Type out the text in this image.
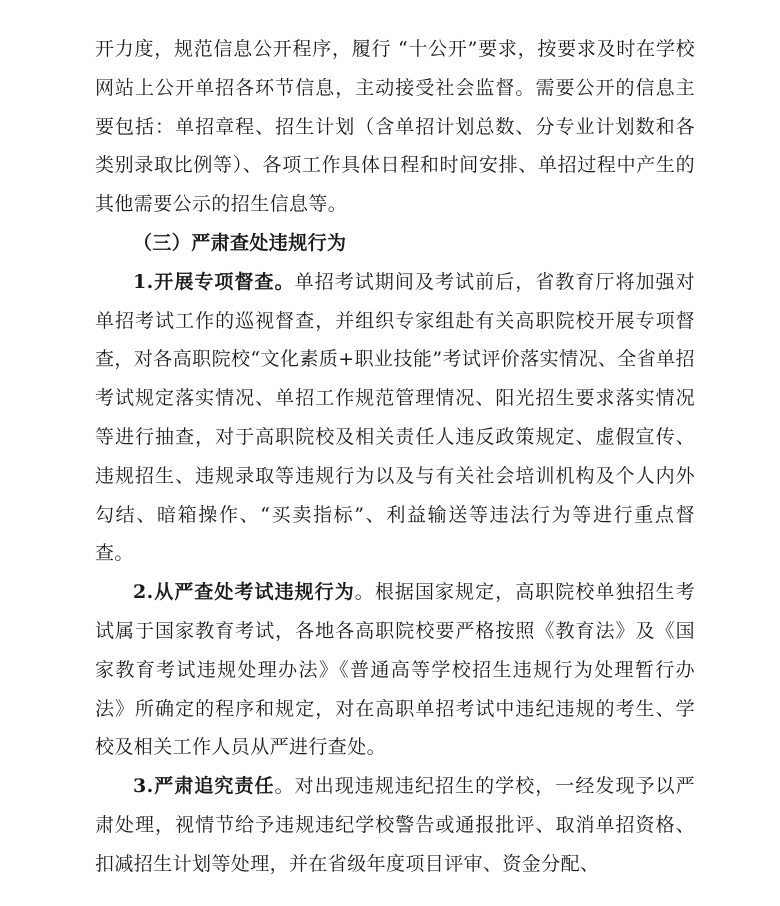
开力度，规范信息公开程序，履行 “十公开”要求，按要求及时在学校网站上公开单招各环节信息，主动接受社会监督。需要公开的信息主要包括：单招章程、招生计划（含单招计划总数、分专业计划数和各类别录取比例等）、各项工作具体日程和时间安排、单招过程中产生的其他需要公示的招生信息等。

（三）严肃查处违规行为

1.开展专项督查。单招考试期间及考试前后，省教育厅将加强对单招考试工作的巡视督查，并组织专家组赴有关高职院校开展专项督查，对各高职院校“文化素质+职业技能”考试评价落实情况、全省单招考试规定落实情况、单招工作规范管理情况、阳光招生要求落实情况等进行抽查，对于高职院校及相关责任人违反政策规定、虚假宣传、违规招生、违规录取等违规行为以及与有关社会培训机构及个人内外勾结、暗箱操作、“买卖指标”、利益输送等违法行为等进行重点督查。

2.从严查处考试违规行为。根据国家规定，高职院校单独招生考试属于国家教育考试，各地各高职院校要严格按照《教育法》及《国家教育考试违规处理办法》《普通高等学校招生违规行为处理暂行办法》所确定的程序和规定，对在高职单招考试中违纪违规的考生、学校及相关工作人员从严进行查处。

3.严肃追究责任。对出现违规违纪招生的学校，一经发现予以严肃处理，视情节给予违规违纪学校警告或通报批评、取消单招资格、扣减招生计划等处理，并在省级年度项目评审、资金分配、
